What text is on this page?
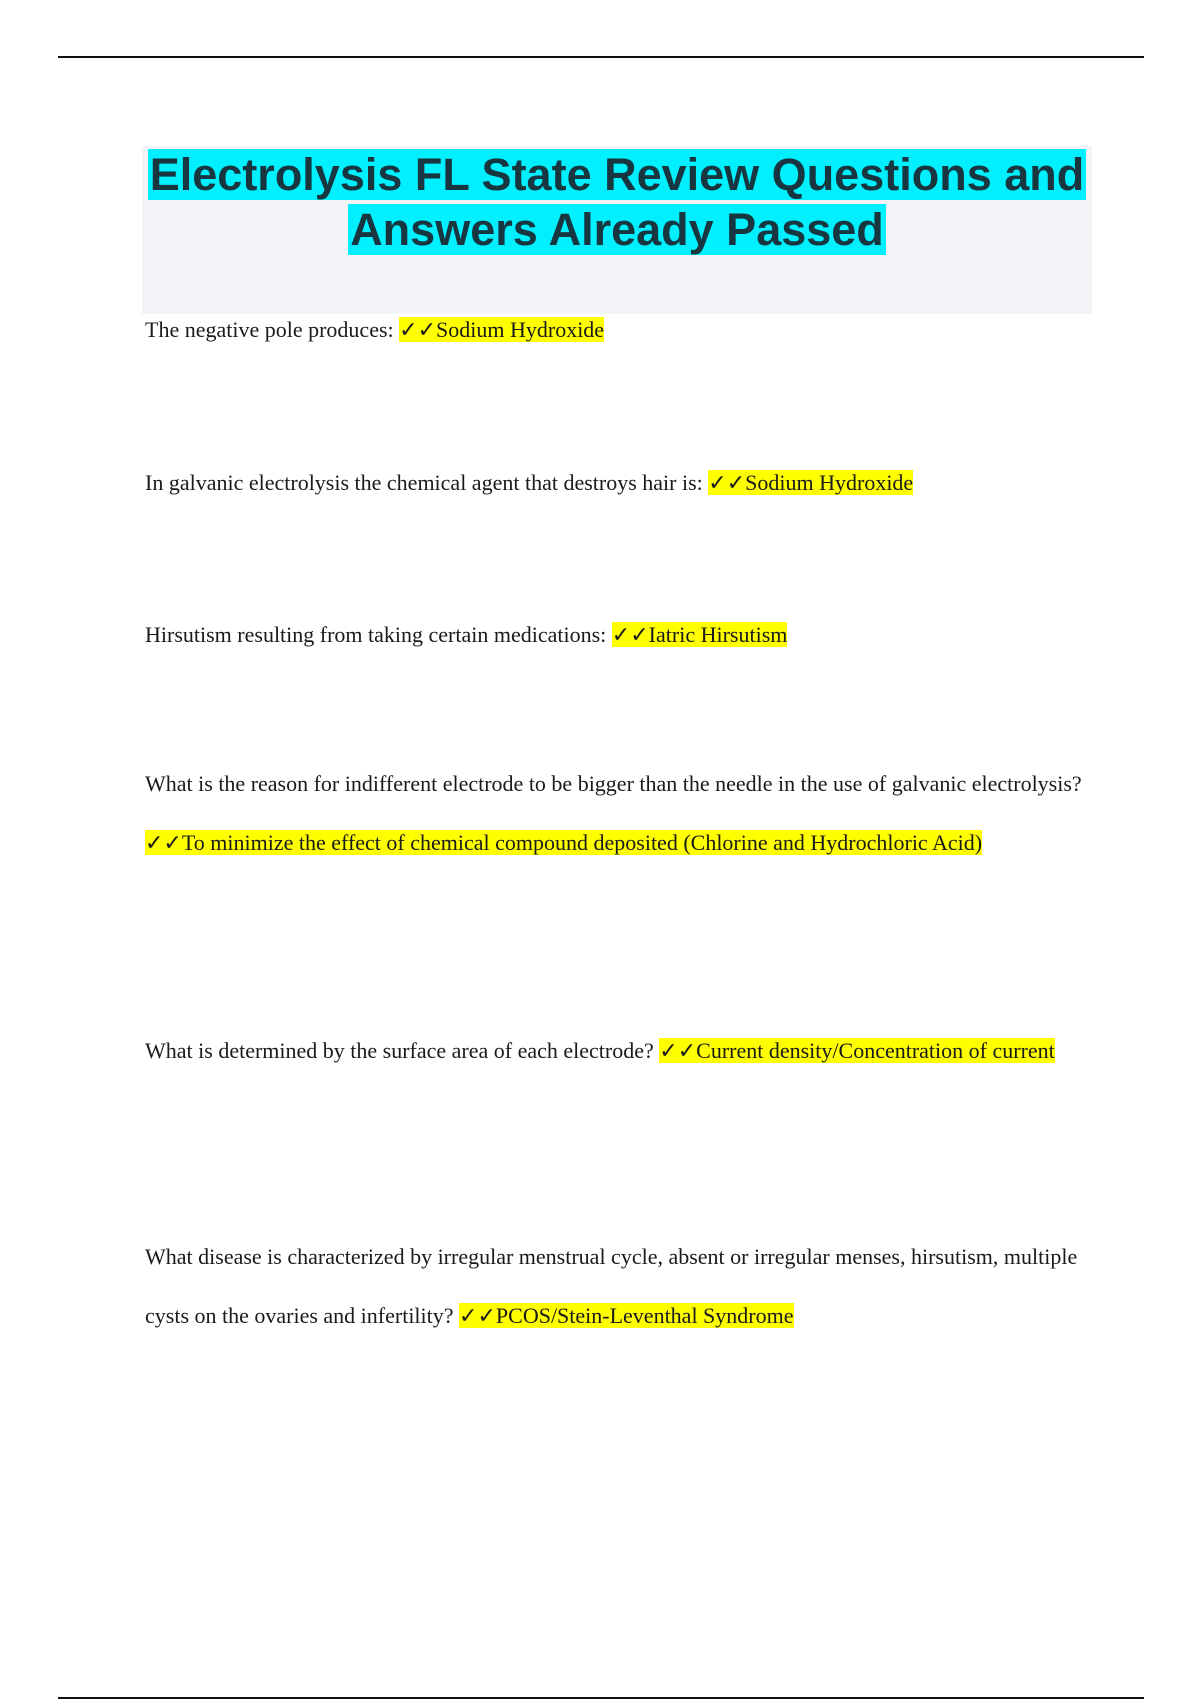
Electrolysis FL State Review Questions and Answers Already Passed

The negative pole produces: ✓✓Sodium Hydroxide

In galvanic electrolysis the chemical agent that destroys hair is: ✓✓Sodium Hydroxide

Hirsutism resulting from taking certain medications: ✓✓Iatric Hirsutism

What is the reason for indifferent electrode to be bigger than the needle in the use of galvanic electrolysis? ✓✓To minimize the effect of chemical compound deposited (Chlorine and Hydrochloric Acid)

What is determined by the surface area of each electrode? ✓✓Current density/Concentration of current

What disease is characterized by irregular menstrual cycle, absent or irregular menses, hirsutism, multiple cysts on the ovaries and infertility? ✓✓PCOS/Stein-Leventhal Syndrome
